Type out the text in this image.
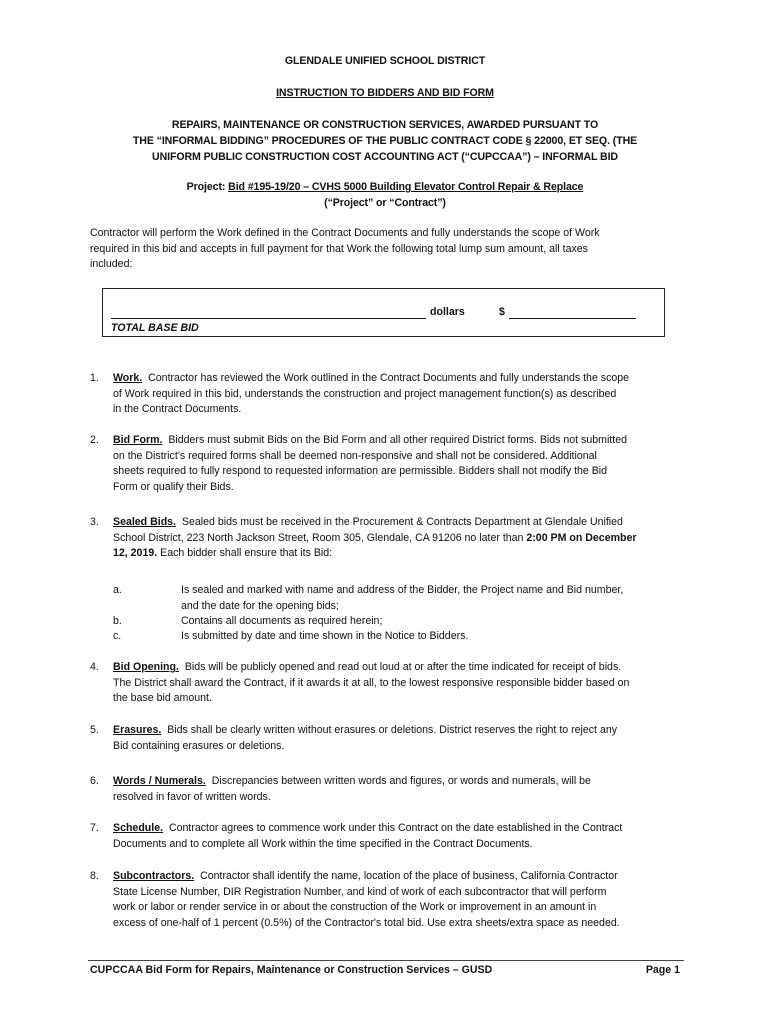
GLENDALE UNIFIED SCHOOL DISTRICT
INSTRUCTION TO BIDDERS AND BID FORM
REPAIRS, MAINTENANCE OR CONSTRUCTION SERVICES, AWARDED PURSUANT TO
THE “INFORMAL BIDDING” PROCEDURES OF THE PUBLIC CONTRACT CODE § 22000, ET SEQ. (THE
UNIFORM PUBLIC CONSTRUCTION COST ACCOUNTING ACT (“CUPCCAA”) – INFORMAL BID
Project: Bid #195-19/20 – CVHS 5000 Building Elevator Control Repair & Replace
(“Project” or “Contract”)
Contractor will perform the Work defined in the Contract Documents and fully understands the scope of Work
required in this bid and accepts in full payment for that Work the following total lump sum amount, all taxes
included:
dollars	$
TOTAL BASE BID
1. Work. Contractor has reviewed the Work outlined in the Contract Documents and fully understands the scope
of Work required in this bid, understands the construction and project management function(s) as described
in the Contract Documents.
2. Bid Form. Bidders must submit Bids on the Bid Form and all other required District forms. Bids not submitted
on the District’s required forms shall be deemed non-responsive and shall not be considered. Additional
sheets required to fully respond to requested information are permissible. Bidders shall not modify the Bid
Form or qualify their Bids.
3. Sealed Bids. Sealed bids must be received in the Procurement & Contracts Department at Glendale Unified
School District, 223 North Jackson Street, Room 305, Glendale, CA 91206 no later than 2:00 PM on December
12, 2019. Each bidder shall ensure that its Bid:
a.	Is sealed and marked with name and address of the Bidder, the Project name and Bid number,
and the date for the opening bids;
b.	Contains all documents as required herein;
c.	Is submitted by date and time shown in the Notice to Bidders.
4. Bid Opening. Bids will be publicly opened and read out loud at or after the time indicated for receipt of bids.
The District shall award the Contract, if it awards it at all, to the lowest responsive responsible bidder based on
the base bid amount.
5. Erasures. Bids shall be clearly written without erasures or deletions. District reserves the right to reject any
Bid containing erasures or deletions.
6. Words / Numerals. Discrepancies between written words and figures, or words and numerals, will be
resolved in favor of written words.
7. Schedule. Contractor agrees to commence work under this Contract on the date established in the Contract
Documents and to complete all Work within the time specified in the Contract Documents.
8. Subcontractors. Contractor shall identify the name, location of the place of business, California Contractor
State License Number, DIR Registration Number, and kind of work of each subcontractor that will perform
work or labor or render service in or about the construction of the Work or improvement in an amount in
excess of one-half of 1 percent (0.5%) of the Contractor's total bid. Use extra sheets/extra space as needed.
CUPCCAA Bid Form for Repairs, Maintenance or Construction Services – GUSD	Page 1
